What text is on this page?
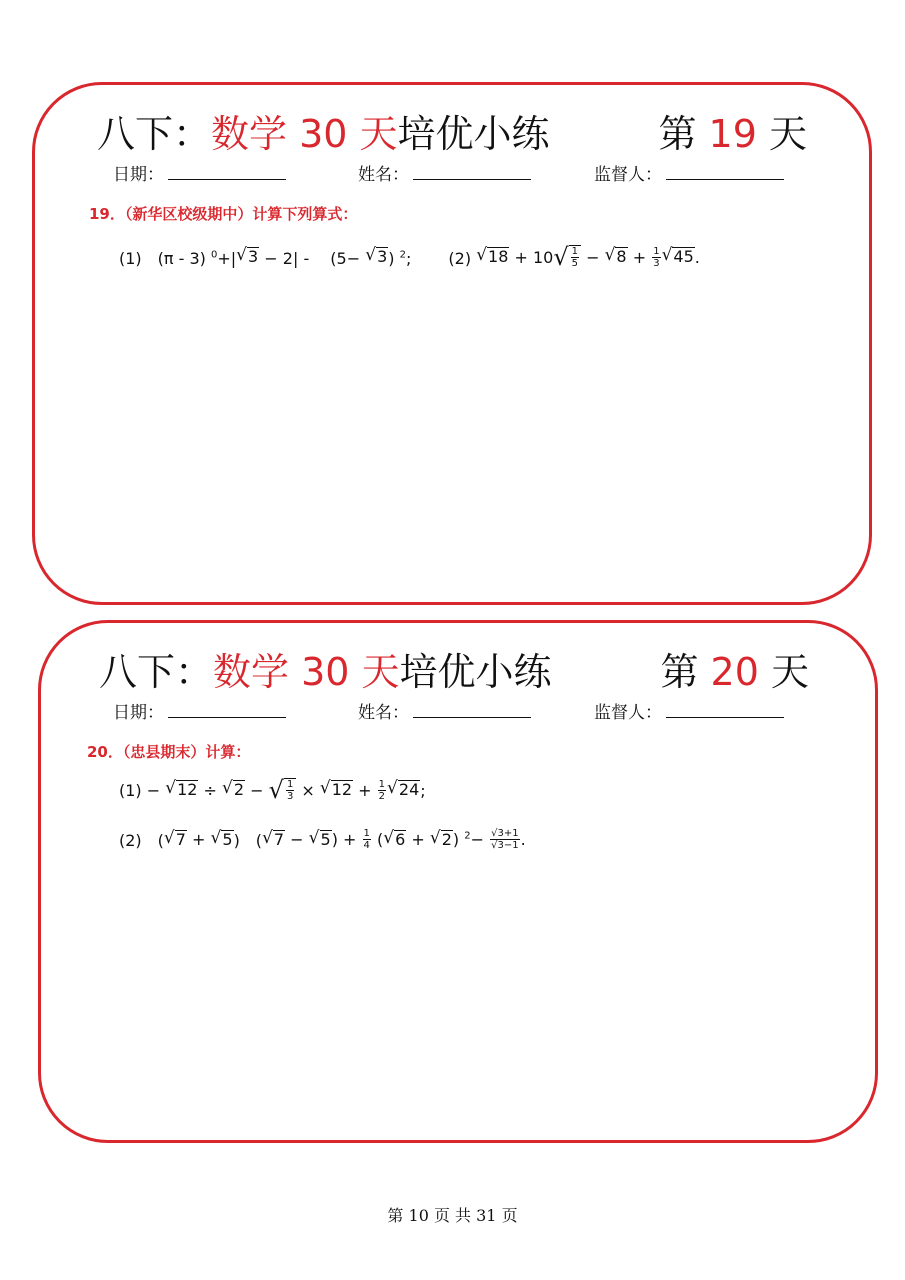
八下：数学 30 天培优小练	第 19 天
日期：	姓名：	监督人：
19．（新华区校级期中）计算下列算式：
(1)　(π - 3) $^0$+| √ 3 − 2| - 　(5− √ 3 ) $^2$;　 　(2) √ 18 + 10 √ $\frac{1}{5}$ − √ $8 + \frac{1}{3}$ √ 45 .
八下：数学 30 天培优小练	第 20 天
日期：	姓名：	监督人：
20．（忠县期末）计算：
(1) − √ 12 ÷ √ 2 − √ $\frac{1}{3}$ × √ $12 + \frac{1}{2}$ √ 24 ;
(2)　( √ 7 + √ 5 )　( √ 7 − √ 5 ) + $\frac{1}{4}$ ( √ 6 + √ 2 ) $^2- \frac{√3+1}{√3-1}$ .
第 10 页 共 31 页
